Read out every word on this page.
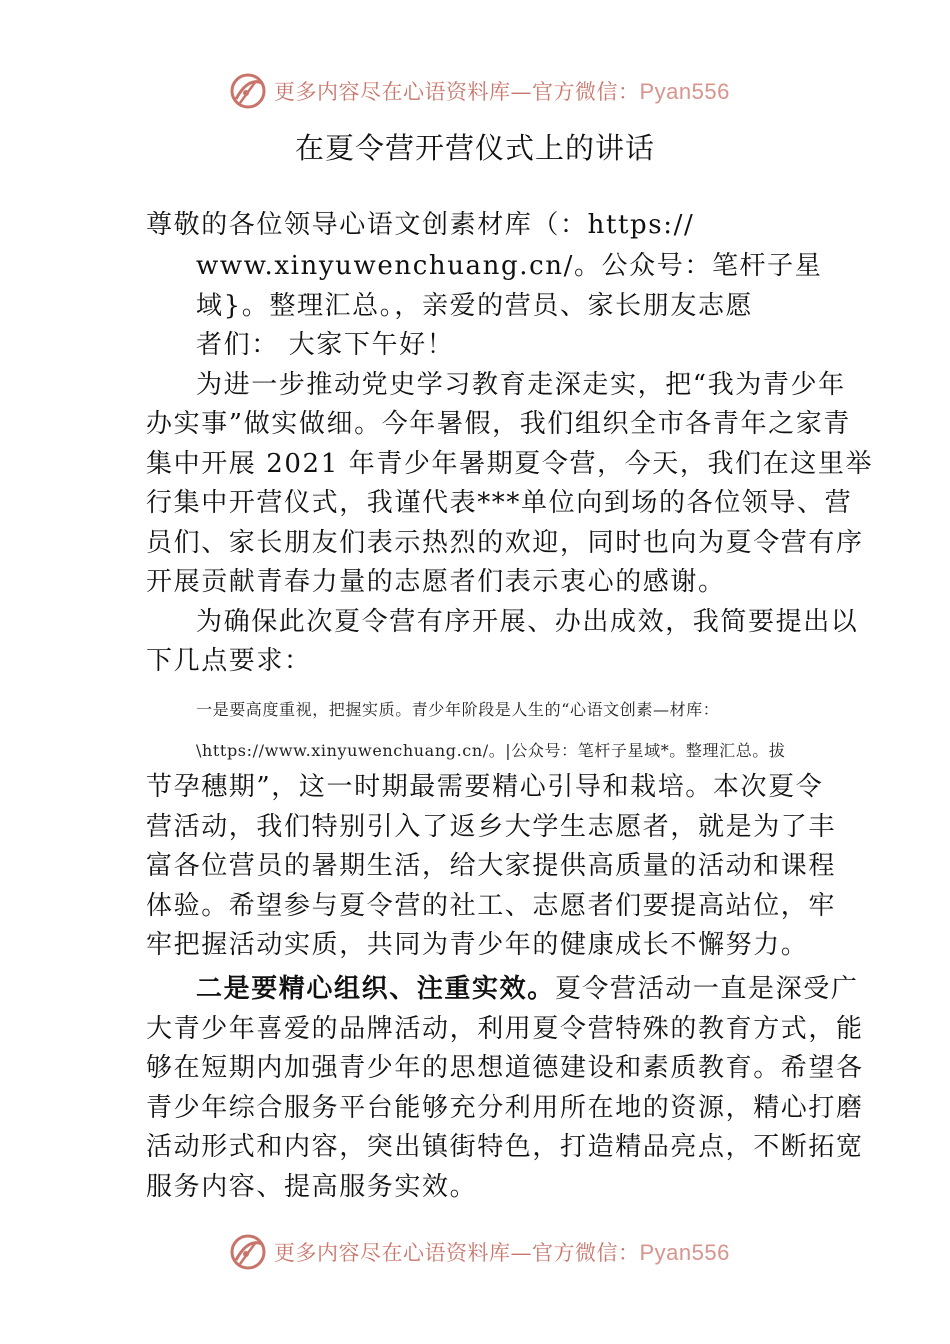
更多内容尽在心语资料库—官方微信：Pyan556
在夏令营开营仪式上的讲话
尊敬的各位领导心语文创素材库（：https://
www.xinyuwenchuang.cn/。公众号：笔杆子星
域}。整理汇总。，亲爱的营员、家长朋友志愿
者们： 大家下午好！
为进一步推动党史学习教育走深走实，把“我为青少年
办实事”做实做细。今年暑假，我们组织全市各青年之家青
集中开展 2021 年青少年暑期夏令营，今天，我们在这里举
行集中开营仪式，我谨代表***单位向到场的各位领导、营
员们、家长朋友们表示热烈的欢迎，同时也向为夏令营有序
开展贡献青春力量的志愿者们表示衷心的感谢。
为确保此次夏令营有序开展、办出成效，我简要提出以
下几点要求：
一是要高度重视，把握实质。青少年阶段是人生的“心语文创素—材库：
\https://www.xinyuwenchuang.cn/。|公众号：笔杆子星域*。整理汇总。拔
节孕穗期”，这一时期最需要精心引导和栽培。本次夏令
营活动，我们特别引入了返乡大学生志愿者，就是为了丰
富各位营员的暑期生活，给大家提供高质量的活动和课程
体验。希望参与夏令营的社工、志愿者们要提高站位，牢
牢把握活动实质，共同为青少年的健康成长不懈努力。
二是要精心组织、注重实效。夏令营活动一直是深受广
大青少年喜爱的品牌活动，利用夏令营特殊的教育方式，能
够在短期内加强青少年的思想道德建设和素质教育。希望各
青少年综合服务平台能够充分利用所在地的资源，精心打磨
活动形式和内容，突出镇街特色，打造精品亮点，不断拓宽
服务内容、提高服务实效。
更多内容尽在心语资料库—官方微信：Pyan556
